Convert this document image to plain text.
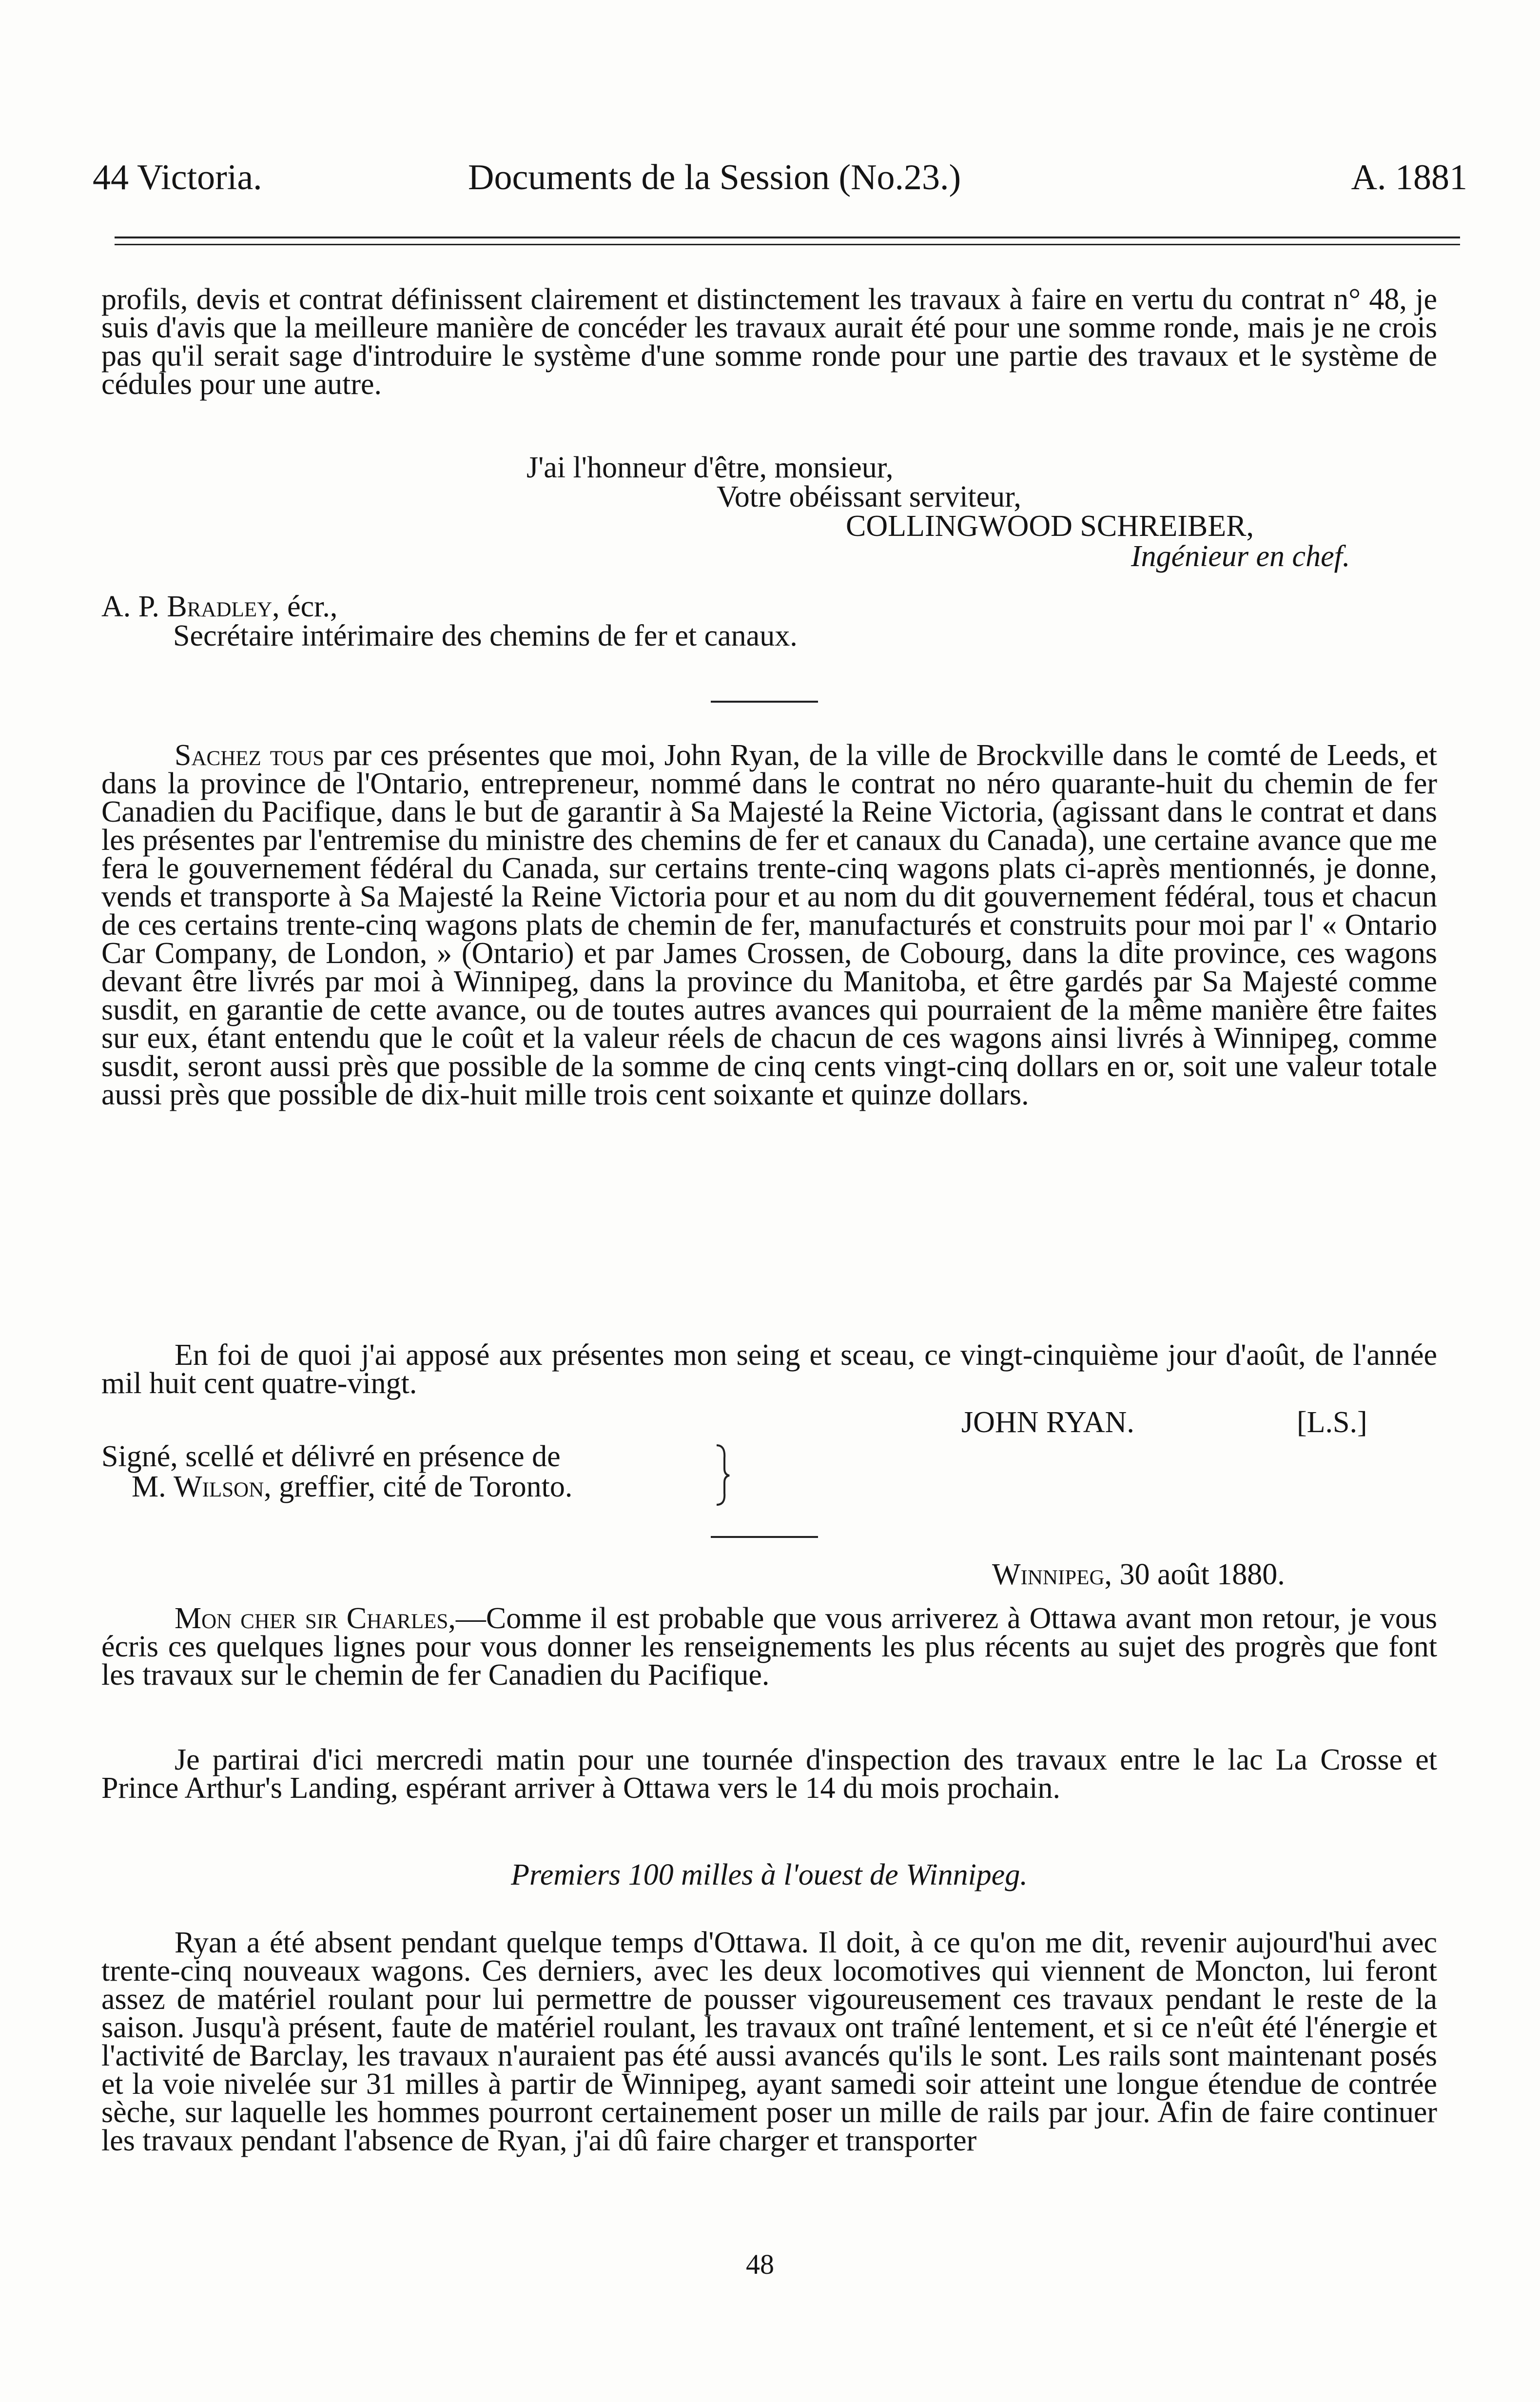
44 Victoria.	Documents de la Session (No.23.)	A. 1881
profils, devis et contrat définissent clairement et distinctement les travaux à faire en vertu du contrat n° 48, je suis d'avis que la meilleure manière de concéder les travaux aurait été pour une somme ronde, mais je ne crois pas qu'il serait sage d'introduire le système d'une somme ronde pour une partie des travaux et le système de cédules pour une autre.
J'ai l'honneur d'être, monsieur,
Votre obéissant serviteur,
COLLINGWOOD SCHREIBER,
Ingénieur en chef.
A. P. Bradley, écr.,
Secrétaire intérimaire des chemins de fer et canaux.
Sachez tous par ces présentes que moi, John Ryan, de la ville de Brockville dans le comté de Leeds, et dans la province de l'Ontario, entrepreneur, nommé dans le contrat no néro quarante-huit du chemin de fer Canadien du Pacifique, dans le but de garantir à Sa Majesté la Reine Victoria, (agissant dans le contrat et dans les présentes par l'entremise du ministre des chemins de fer et canaux du Canada), une certaine avance que me fera le gouvernement fédéral du Canada, sur certains trente-cinq wagons plats ci-après mentionnés, je donne, vends et transporte à Sa Majesté la Reine Victoria pour et au nom du dit gouvernement fédéral, tous et chacun de ces certains trente-cinq wagons plats de chemin de fer, manufacturés et construits pour moi par l' « Ontario Car Company, de London, » (Ontario) et par James Crossen, de Cobourg, dans la dite province, ces wagons devant être livrés par moi à Winnipeg, dans la province du Manitoba, et être gardés par Sa Majesté comme susdit, en garantie de cette avance, ou de toutes autres avances qui pourraient de la même manière être faites sur eux, étant entendu que le coût et la valeur réels de chacun de ces wagons ainsi livrés à Winnipeg, comme susdit, seront aussi près que possible de la somme de cinq cents vingt-cinq dollars en or, soit une valeur totale aussi près que possible de dix-huit mille trois cent soixante et quinze dollars.
En foi de quoi j'ai apposé aux présentes mon seing et sceau, ce vingt-cinquième jour d'août, de l'année mil huit cent quatre-vingt.
JOHN RYAN.	[L.S.]
Signé, scellé et délivré en présence de
M. Wilson, greffier, cité de Toronto.
Winnipeg, 30 août 1880.
Mon cher sir Charles,—Comme il est probable que vous arriverez à Ottawa avant mon retour, je vous écris ces quelques lignes pour vous donner les renseignements les plus récents au sujet des progrès que font les travaux sur le chemin de fer Canadien du Pacifique.
Je partirai d'ici mercredi matin pour une tournée d'inspection des travaux entre le lac La Crosse et Prince Arthur's Landing, espérant arriver à Ottawa vers le 14 du mois prochain.
Premiers 100 milles à l'ouest de Winnipeg.
Ryan a été absent pendant quelque temps d'Ottawa. Il doit, à ce qu'on me dit, revenir aujourd'hui avec trente-cinq nouveaux wagons. Ces derniers, avec les deux locomotives qui viennent de Moncton, lui feront assez de matériel roulant pour lui permettre de pousser vigoureusement ces travaux pendant le reste de la saison. Jusqu'à présent, faute de matériel roulant, les travaux ont traîné lentement, et si ce n'eût été l'énergie et l'activité de Barclay, les travaux n'auraient pas été aussi avancés qu'ils le sont. Les rails sont maintenant posés et la voie nivelée sur 31 milles à partir de Winnipeg, ayant samedi soir atteint une longue étendue de contrée sèche, sur laquelle les hommes pourront certainement poser un mille de rails par jour. Afin de faire continuer les travaux pendant l'absence de Ryan, j'ai dû faire charger et transporter
48
